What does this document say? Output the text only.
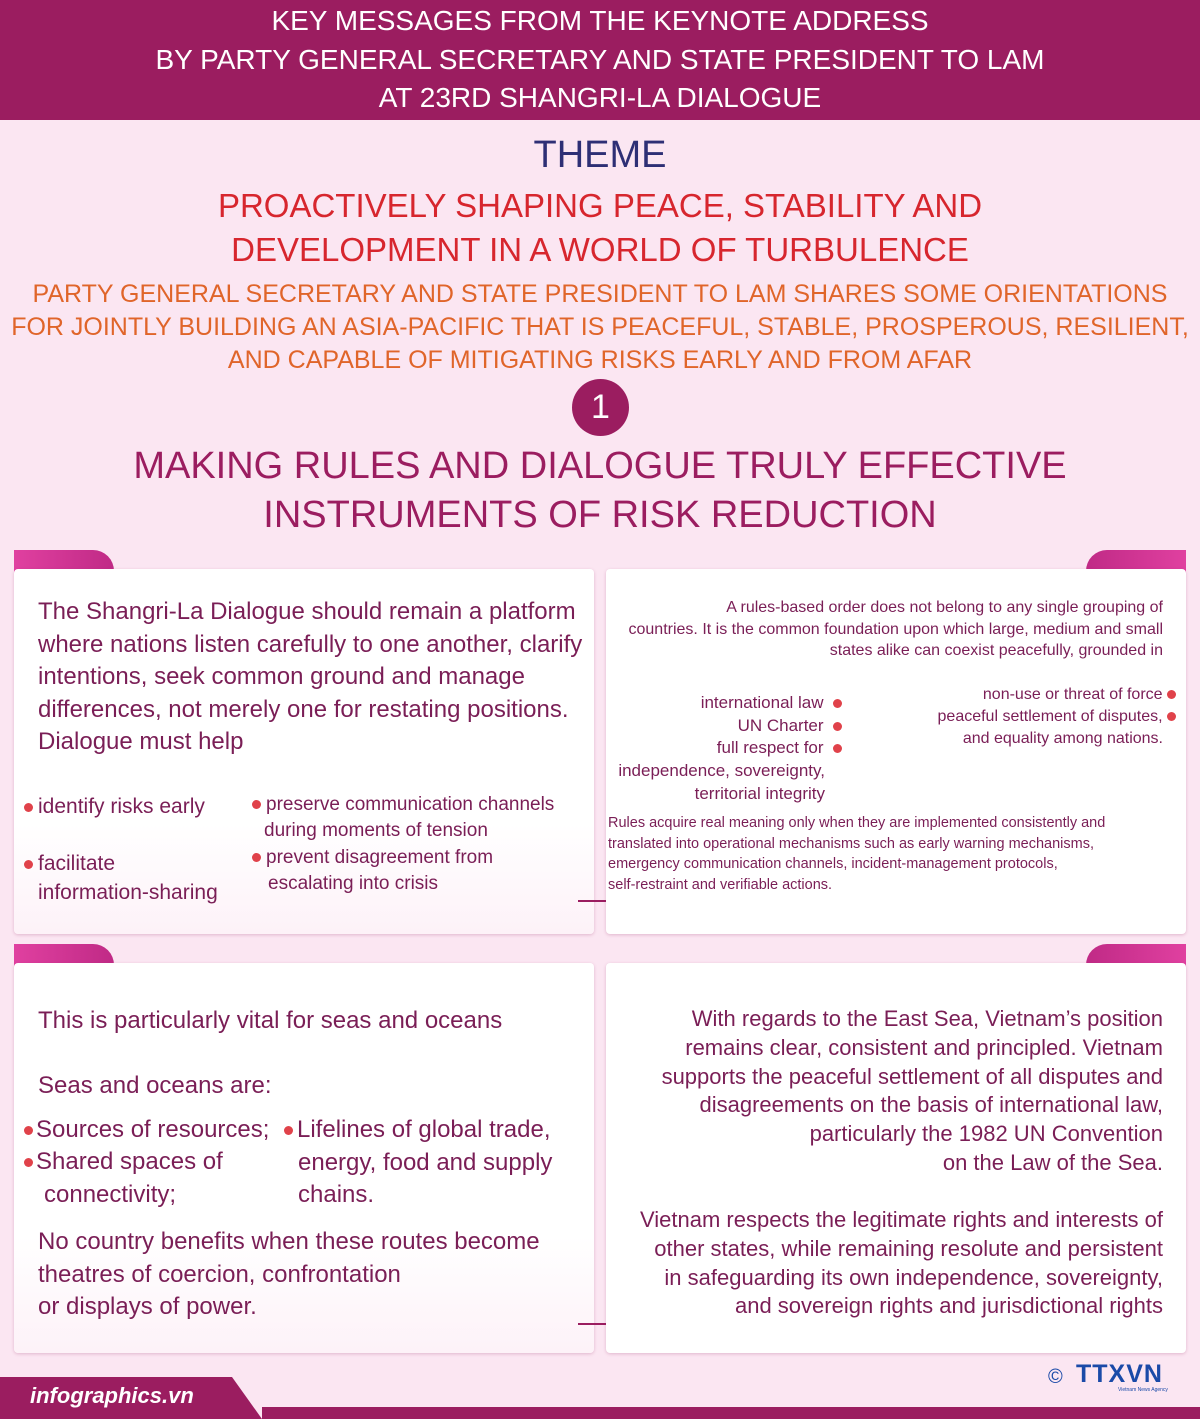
KEY MESSAGES FROM THE KEYNOTE ADDRESS
BY PARTY GENERAL SECRETARY AND STATE PRESIDENT TO LAM
AT 23RD SHANGRI-LA DIALOGUE
THEME
PROACTIVELY SHAPING PEACE, STABILITY AND
DEVELOPMENT IN A WORLD OF TURBULENCE
PARTY GENERAL SECRETARY AND STATE PRESIDENT TO LAM SHARES SOME ORIENTATIONS
FOR JOINTLY BUILDING AN ASIA-PACIFIC THAT IS PEACEFUL, STABLE, PROSPEROUS, RESILIENT,
AND CAPABLE OF MITIGATING RISKS EARLY AND FROM AFAR
1
MAKING RULES AND DIALOGUE TRULY EFFECTIVE
INSTRUMENTS OF RISK REDUCTION
The Shangri-La Dialogue should remain a platform where nations listen carefully to one another, clarify intentions, seek common ground and manage differences, not merely one for restating positions. Dialogue must help
identify risks early
facilitate
information-sharing
preserve communication channels
during moments of tension
prevent disagreement from
escalating into crisis
A rules-based order does not belong to any single grouping of
countries. It is the common foundation upon which large, medium and small
states alike can coexist peacefully, grounded in
international law
UN Charter
full respect for
independence, sovereignty,
territorial integrity
non-use or threat of force
peaceful settlement of disputes,
and equality among nations.
Rules acquire real meaning only when they are implemented consistently and
translated into operational mechanisms such as early warning mechanisms,
emergency communication channels, incident-management protocols,
self-restraint and verifiable actions.
This is particularly vital for seas and oceans
Seas and oceans are:
Sources of resources;
Shared spaces of
connectivity;
Lifelines of global trade,
energy, food and supply
chains.
No country benefits when these routes become
theatres of coercion, confrontation
or displays of power.
With regards to the East Sea, Vietnam’s position
remains clear, consistent and principled. Vietnam
supports the peaceful settlement of all disputes and
disagreements on the basis of international law,
particularly the 1982 UN Convention
on the Law of the Sea.
Vietnam respects the legitimate rights and interests of
other states, while remaining resolute and persistent
in safeguarding its own independence, sovereignty,
and sovereign rights and jurisdictional rights
infographics.vn
© TTXVN
Vietnam News Agency
